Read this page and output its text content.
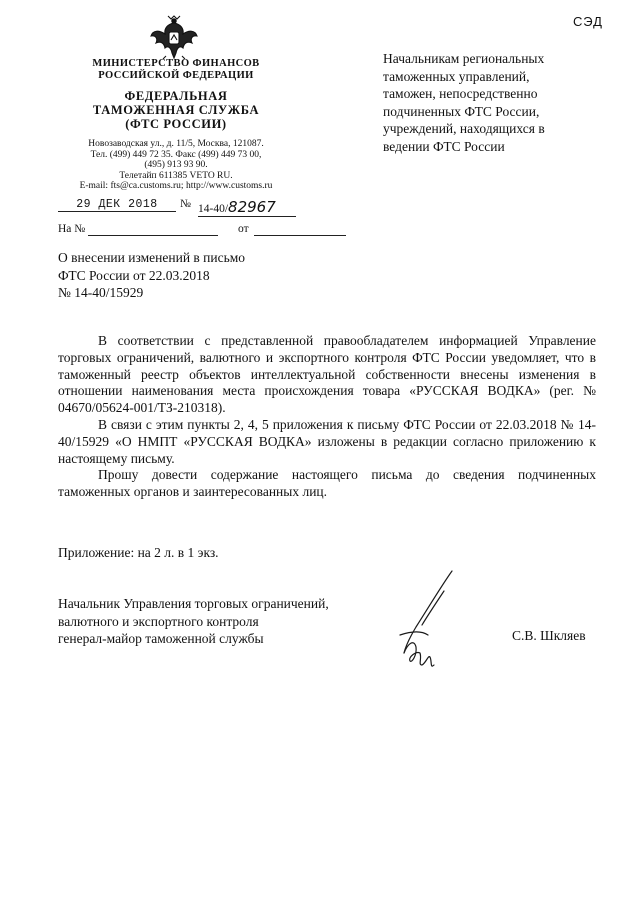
СЭД
МИНИСТЕРСТВО ФИНАНСОВ
РОССИЙСКОЙ ФЕДЕРАЦИИ
ФЕДЕРАЛЬНАЯ
ТАМОЖЕННАЯ СЛУЖБА
(ФТС РОССИИ)
Новозаводская ул., д. 11/5, Москва, 121087.
Тел. (499) 449 72 35. Факс (499) 449 73 00,
(495) 913 93 90.
Телетайп 611385 VETO RU.
E-mail: fts@ca.customs.ru; http://www.customs.ru
29 ДЕК 2018	№ 14-40/82967
На №	от
Начальникам региональных
таможенных управлений,
таможен, непосредственно
подчиненных ФТС России,
учреждений, находящихся в
ведении ФТС России
О внесении изменений в письмо
ФТС России от 22.03.2018
№ 14-40/15929

В соответствии с представленной правообладателем информацией Управление торговых ограничений, валютного и экспортного контроля ФТС России уведомляет, что в таможенный реестр объектов интеллектуальной собственности внесены изменения в отношении наименования места происхождения товара «РУССКАЯ ВОДКА» (рег. № 04670/05624-001/ТЗ-210318).

В связи с этим пункты 2, 4, 5 приложения к письму ФТС России от 22.03.2018 № 14-40/15929 «О НМПТ «РУССКАЯ ВОДКА» изложены в редакции согласно приложению к настоящему письму.

Прошу довести содержание настоящего письма до сведения подчиненных таможенных органов и заинтересованных лиц.

Приложение: на 2 л. в 1 экз.
Начальник Управления торговых ограничений,
валютного и экспортного контроля
генерал-майор таможенной службы	С.В. Шкляев
